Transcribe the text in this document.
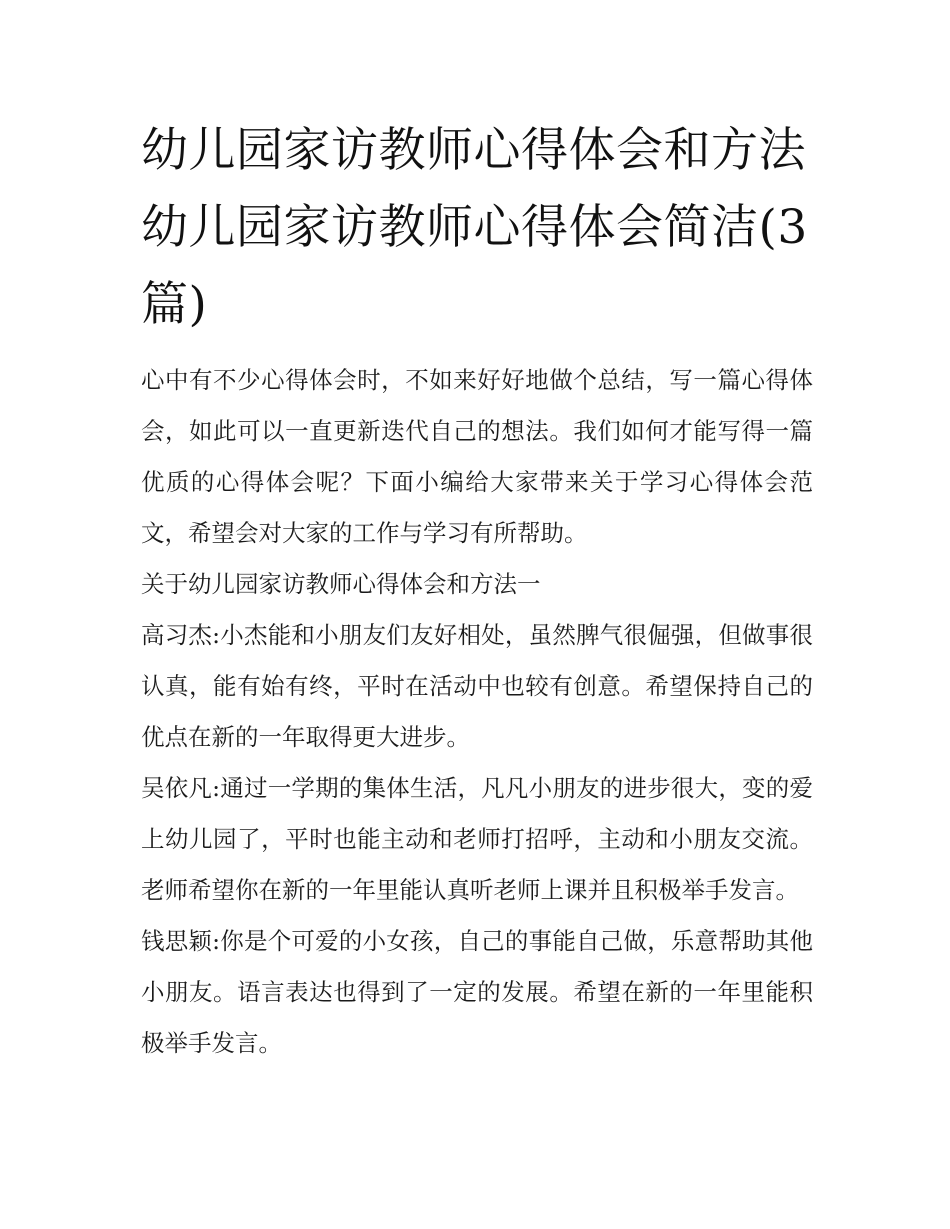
幼儿园家访教师心得体会和方法 幼儿园家访教师心得体会简洁(3篇)

心中有不少心得体会时，不如来好好地做个总结，写一篇心得体会，如此可以一直更新迭代自己的想法。我们如何才能写得一篇优质的心得体会呢？下面小编给大家带来关于学习心得体会范文，希望会对大家的工作与学习有所帮助。

关于幼儿园家访教师心得体会和方法一

高习杰:小杰能和小朋友们友好相处，虽然脾气很倔强，但做事很认真，能有始有终，平时在活动中也较有创意。希望保持自己的优点在新的一年取得更大进步。

吴依凡:通过一学期的集体生活，凡凡小朋友的进步很大，变的爱上幼儿园了，平时也能主动和老师打招呼，主动和小朋友交流。老师希望你在新的一年里能认真听老师上课并且积极举手发言。

钱思颖:你是个可爱的小女孩，自己的事能自己做，乐意帮助其他小朋友。语言表达也得到了一定的发展。希望在新的一年里能积极举手发言。
